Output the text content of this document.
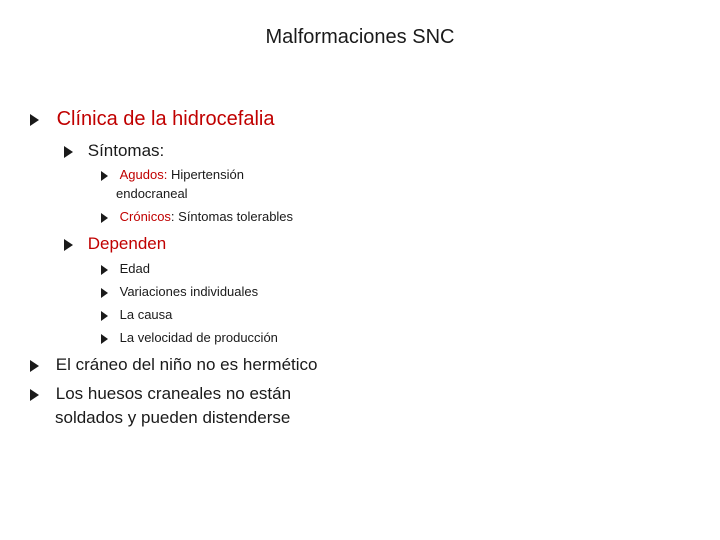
Malformaciones SNC
Clínica de la hidrocefalia
Síntomas:
Agudos: Hipertensión
endocraneal
Crónicos: Síntomas tolerables
Dependen
Edad
Variaciones individuales
La causa
La velocidad de producción
El cráneo del niño no es hermético
Los huesos craneales no están
soldados y pueden distenderse
